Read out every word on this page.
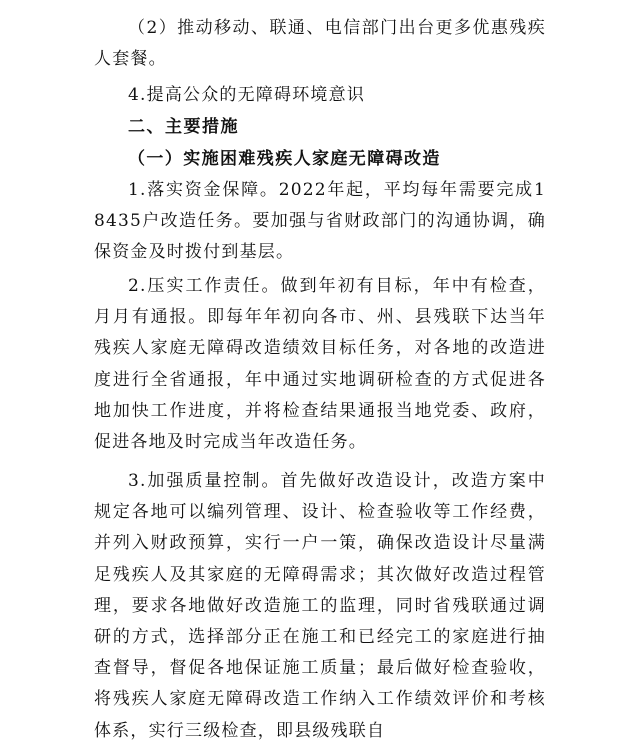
（2）推动移动、联通、电信部门出台更多优惠残疾人套餐。

4.提高公众的无障碍环境意识

二、主要措施

（一）实施困难残疾人家庭无障碍改造

1.落实资金保障。2022年起，平均每年需要完成18435户改造任务。要加强与省财政部门的沟通协调，确保资金及时拨付到基层。

2.压实工作责任。做到年初有目标，年中有检查，月月有通报。即每年年初向各市、州、县残联下达当年残疾人家庭无障碍改造绩效目标任务，对各地的改造进度进行全省通报，年中通过实地调研检查的方式促进各地加快工作进度，并将检查结果通报当地党委、政府，促进各地及时完成当年改造任务。

3.加强质量控制。首先做好改造设计，改造方案中规定各地可以编列管理、设计、检查验收等工作经费，并列入财政预算，实行一户一策，确保改造设计尽量满足残疾人及其家庭的无障碍需求；其次做好改造过程管理，要求各地做好改造施工的监理，同时省残联通过调研的方式，选择部分正在施工和已经完工的家庭进行抽查督导，督促各地保证施工质量；最后做好检查验收，将残疾人家庭无障碍改造工作纳入工作绩效评价和考核体系，实行三级检查，即县级残联自
